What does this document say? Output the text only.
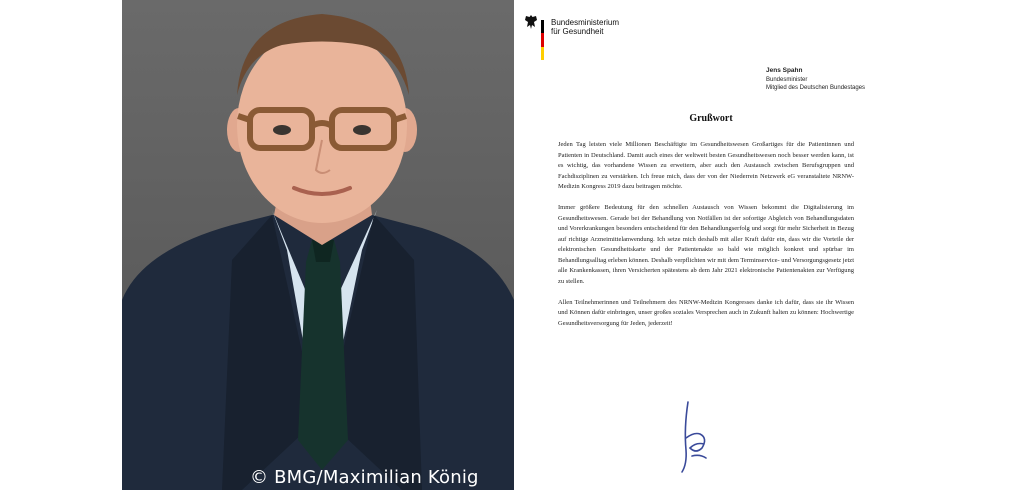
© BMG/Maximilian König
Bundesministerium
für Gesundheit
Jens Spahn
Bundesminister
Mitglied des Deutschen Bundestages
Grußwort

Jeden Tag leisten viele Millionen Beschäftigte im Gesundheitswesen Großartiges für die Patientinnen und Patienten in Deutschland. Damit auch eines der weltweit besten Gesundheitswesen noch besser werden kann, ist es wichtig, das vorhandene Wissen zu erweitern, aber auch den Austausch zwischen Berufsgruppen und Fachdisziplinen zu verstärken. Ich freue mich, dass der von der Niederrein Netzwerk eG veranstaltete NRNW-Medizin Kongress 2019 dazu beitragen möchte.

Immer größere Bedeutung für den schnellen Austausch von Wissen bekommt die Digitalisierung im Gesundheitswesen. Gerade bei der Behandlung von Notfällen ist der sofortige Abgleich von Behandlungsdaten und Vorerkrankungen besonders entscheidend für den Behandlungserfolg und sorgt für mehr Sicherheit in Bezug auf richtige Arzneimittelanwendung. Ich setze mich deshalb mit aller Kraft dafür ein, dass wir die Vorteile der elektronischen Gesundheitskarte und der Patientenakte so bald wie möglich konkret und spürbar im Behandlungsalltag erleben können. Deshalb verpflichten wir mit dem Terminservice- und Versorgungsgesetz jetzt alle Krankenkassen, ihren Versicherten spätestens ab dem Jahr 2021 elektronische Patientenakten zur Verfügung zu stellen.

Allen Teilnehmerinnen und Teilnehmern des NRNW-Medizin Kongresses danke ich dafür, dass sie ihr Wissen und Können dafür einbringen, unser großes soziales Versprechen auch in Zukunft halten zu können: Hochwertige Gesundheitsversorgung für Jeden, jederzeit!
